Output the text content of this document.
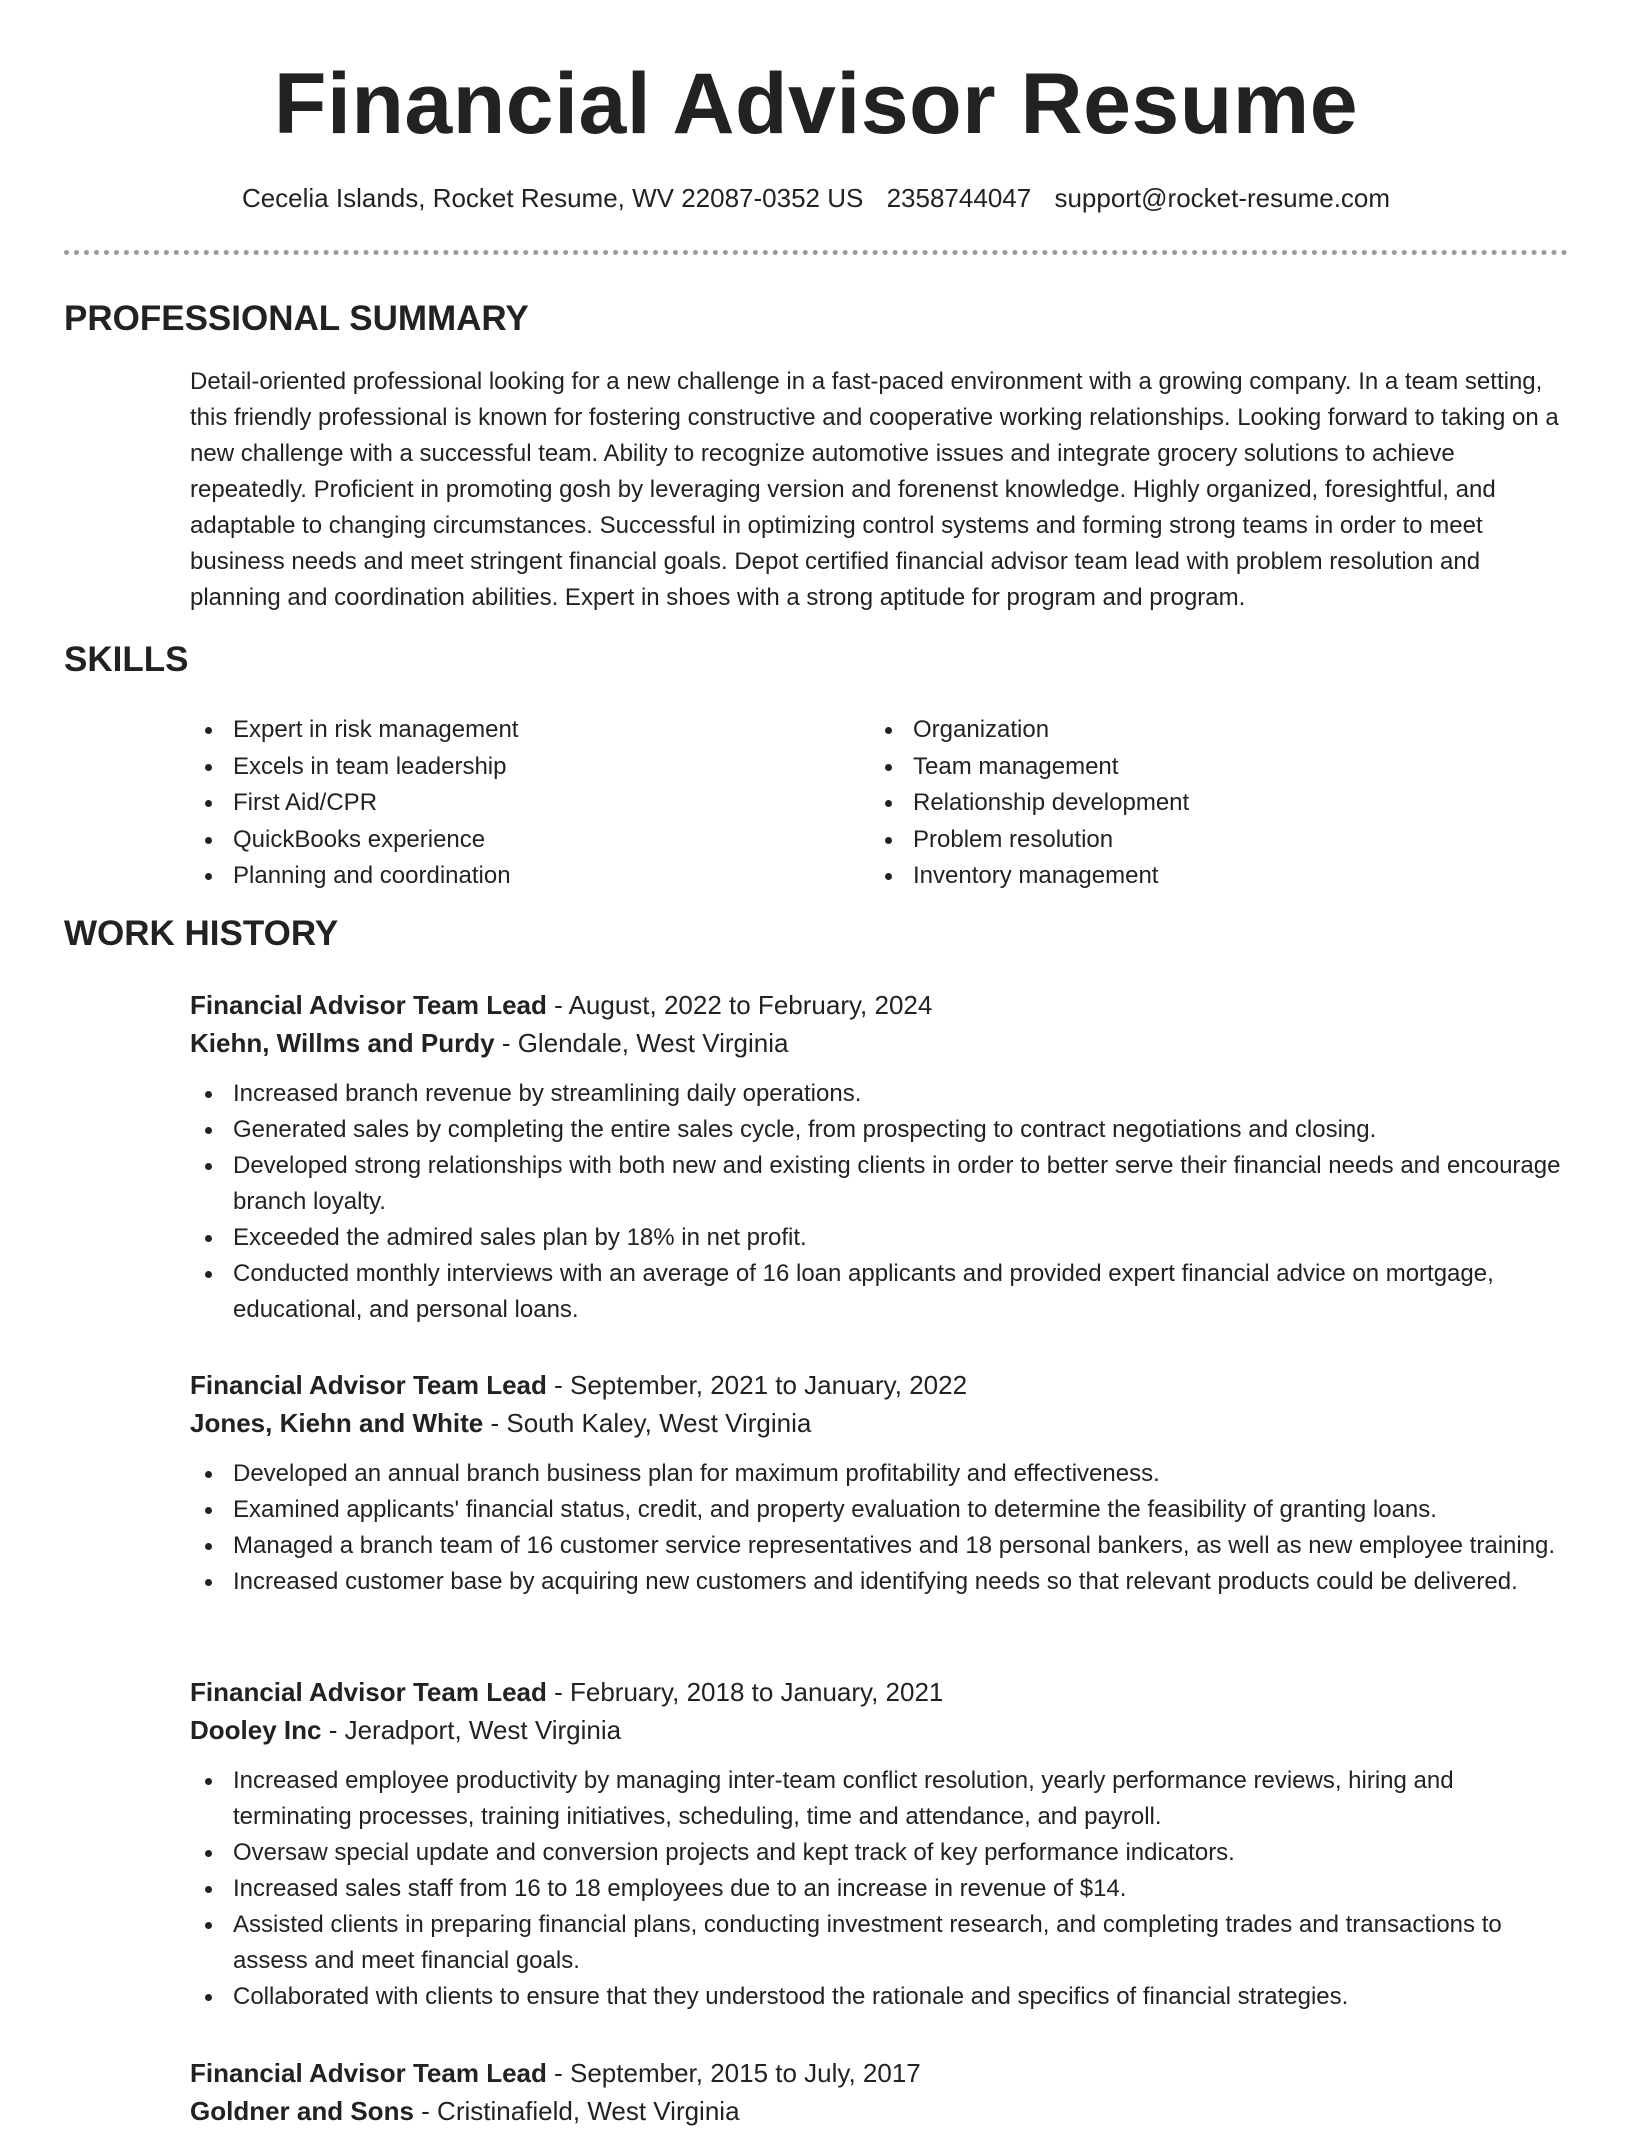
Financial Advisor Resume
Cecelia Islands, Rocket Resume, WV 22087-0352 US 2358744047 support@rocket-resume.com
PROFESSIONAL SUMMARY

Detail-oriented professional looking for a new challenge in a fast-paced environment with a growing company. In a team setting, this friendly professional is known for fostering constructive and cooperative working relationships. Looking forward to taking on a new challenge with a successful team. Ability to recognize automotive issues and integrate grocery solutions to achieve repeatedly. Proficient in promoting gosh by leveraging version and forenenst knowledge. Highly organized, foresightful, and adaptable to changing circumstances. Successful in optimizing control systems and forming strong teams in order to meet business needs and meet stringent financial goals. Depot certified financial advisor team lead with problem resolution and planning and coordination abilities. Expert in shoes with a strong aptitude for program and program.

SKILLS
Expert in risk management
Excels in team leadership
First Aid/CPR
QuickBooks experience
Planning and coordination
Organization
Team management
Relationship development
Problem resolution
Inventory management
WORK HISTORY
Financial Advisor Team Lead - August, 2022 to February, 2024
Kiehn, Willms and Purdy - Glendale, West Virginia
Increased branch revenue by streamlining daily operations.
Generated sales by completing the entire sales cycle, from prospecting to contract negotiations and closing.
Developed strong relationships with both new and existing clients in order to better serve their financial needs and encourage branch loyalty.
Exceeded the admired sales plan by 18% in net profit.
Conducted monthly interviews with an average of 16 loan applicants and provided expert financial advice on mortgage, educational, and personal loans.
Financial Advisor Team Lead - September, 2021 to January, 2022
Jones, Kiehn and White - South Kaley, West Virginia
Developed an annual branch business plan for maximum profitability and effectiveness.
Examined applicants' financial status, credit, and property evaluation to determine the feasibility of granting loans.
Managed a branch team of 16 customer service representatives and 18 personal bankers, as well as new employee training.
Increased customer base by acquiring new customers and identifying needs so that relevant products could be delivered.
Financial Advisor Team Lead - February, 2018 to January, 2021
Dooley Inc - Jeradport, West Virginia
Increased employee productivity by managing inter-team conflict resolution, yearly performance reviews, hiring and terminating processes, training initiatives, scheduling, time and attendance, and payroll.
Oversaw special update and conversion projects and kept track of key performance indicators.
Increased sales staff from 16 to 18 employees due to an increase in revenue of $14.
Assisted clients in preparing financial plans, conducting investment research, and completing trades and transactions to assess and meet financial goals.
Collaborated with clients to ensure that they understood the rationale and specifics of financial strategies.
Financial Advisor Team Lead - September, 2015 to July, 2017
Goldner and Sons - Cristinafield, West Virginia
